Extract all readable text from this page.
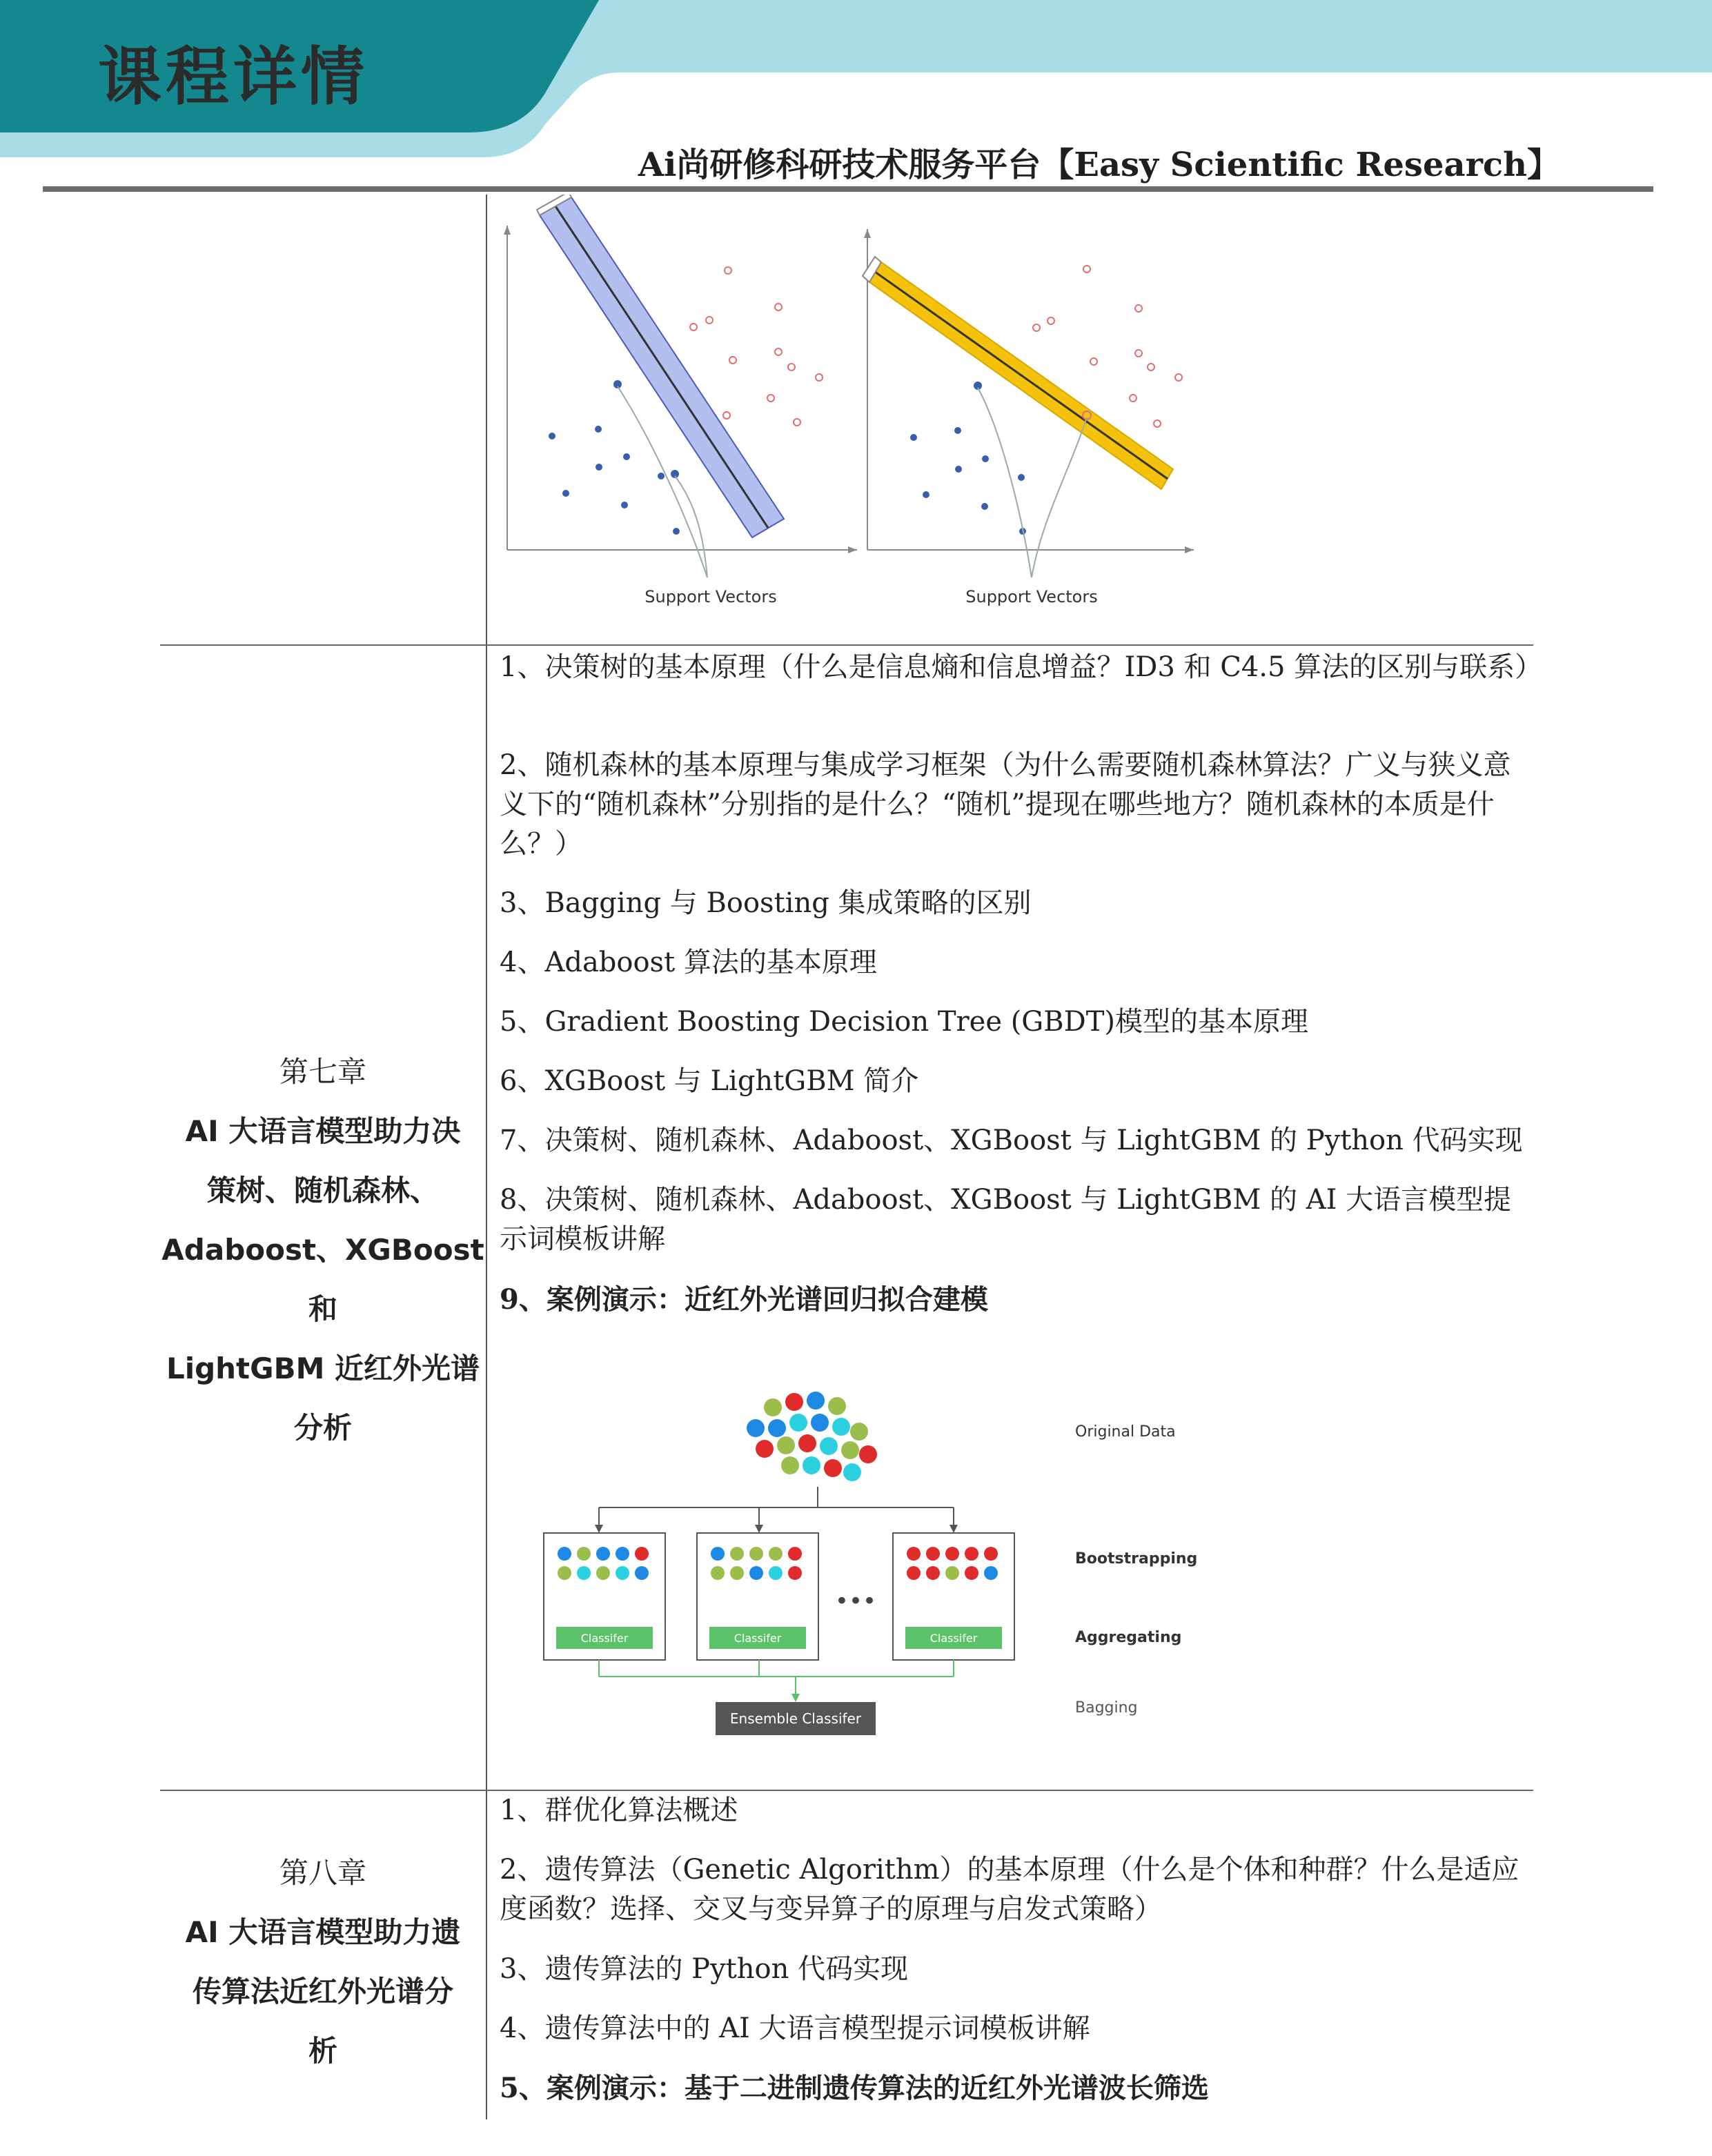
课程详情
Ai尚研修科研技术服务平台【Easy Scientific Research】
Support Vectors	Support Vectors
第七章
AI 大语言模型助力决
策树、随机森林、
Adaboost、XGBoost 和
LightGBM 近红外光谱
分析
1、决策树的基本原理（什么是信息熵和信息增益？ID3 和 C4.5 算法的区别与联系）
2、随机森林的基本原理与集成学习框架（为什么需要随机森林算法？广义与狭义意义下的“随机森林”分别指的是什么？“随机”提现在哪些地方？随机森林的本质是什么？）
3、Bagging 与 Boosting 集成策略的区别
4、Adaboost 算法的基本原理
5、Gradient Boosting Decision Tree (GBDT)模型的基本原理
6、XGBoost 与 LightGBM 简介
7、决策树、随机森林、Adaboost、XGBoost 与 LightGBM 的 Python 代码实现
8、决策树、随机森林、Adaboost、XGBoost 与 LightGBM 的 AI 大语言模型提示词模板讲解
9、案例演示：近红外光谱回归拟合建模
Classifer	Classifer
•••
Classifer
Ensemble Classifer
Original Data
Bootstrapping
Aggregating
Bagging
第八章
AI 大语言模型助力遗
传算法近红外光谱分
析
1、群优化算法概述
2、遗传算法（Genetic Algorithm）的基本原理（什么是个体和种群？什么是适应度函数？选择、交叉与变异算子的原理与启发式策略）
3、遗传算法的 Python 代码实现
4、遗传算法中的 AI 大语言模型提示词模板讲解
5、案例演示：基于二进制遗传算法的近红外光谱波长筛选
